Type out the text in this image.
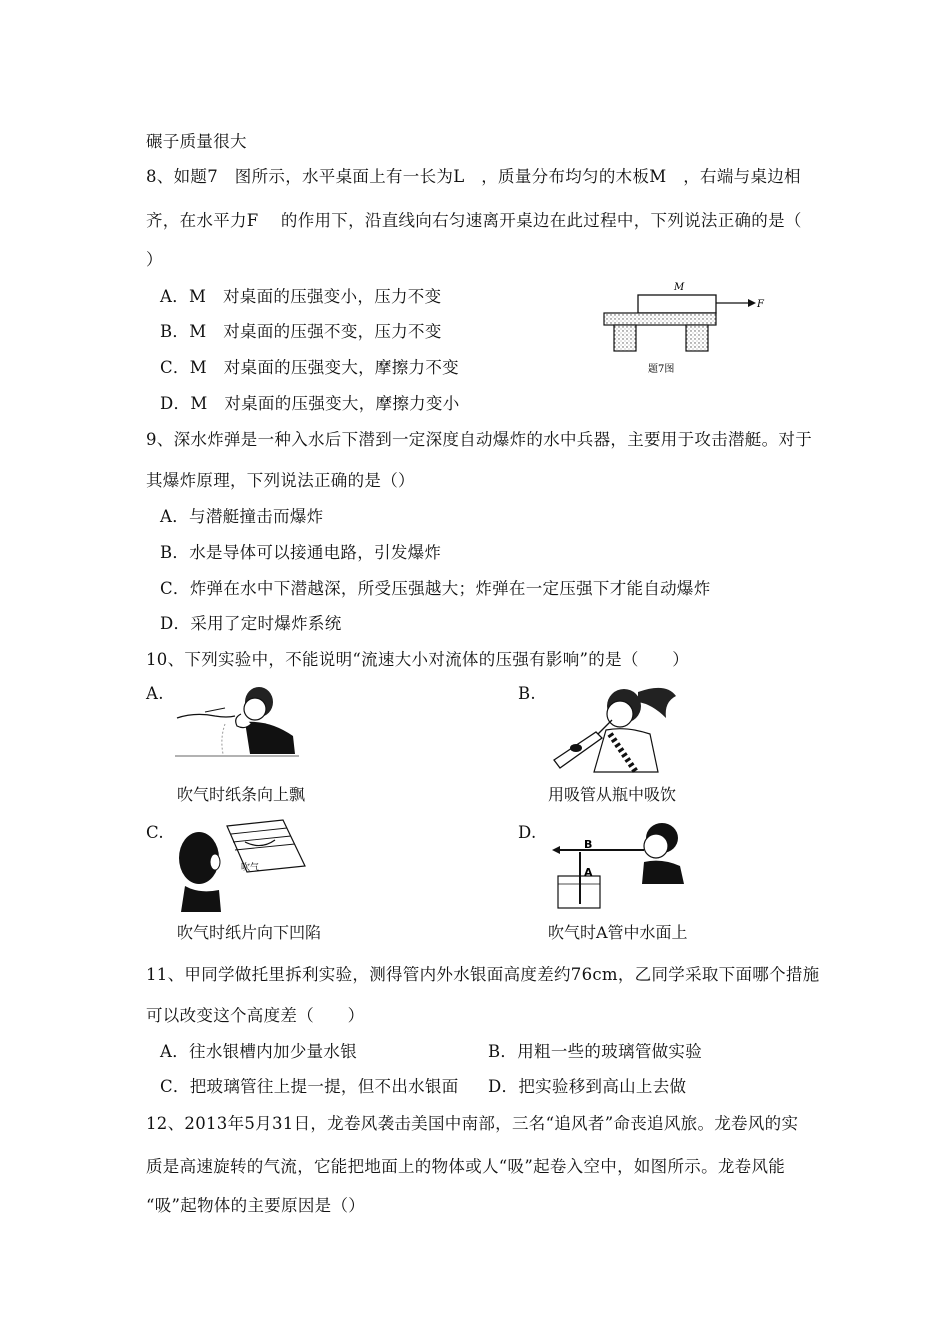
碾子质量很大
8、如题7　图所示，水平桌面上有一长为L　，质量分布均匀的木板M　，右端与桌边相
齐，在水平力F　 的作用下，沿直线向右匀速离开桌边在此过程中，下列说法正确的是（
）
A．M　对桌面的压强变小，压力不变
B．M　对桌面的压强不变，压力不变
C．M　对桌面的压强变大，摩擦力不变
D．M　对桌面的压强变大，摩擦力变小
M
F
题7图
9、深水炸弹是一种入水后下潜到一定深度自动爆炸的水中兵器，主要用于攻击潜艇。对于
其爆炸原理，下列说法正确的是（）
A．与潜艇撞击而爆炸
B．水是导体可以接通电路，引发爆炸
C．炸弹在水中下潜越深，所受压强越大；炸弹在一定压强下才能自动爆炸
D．采用了定时爆炸系统
10、下列实验中，不能说明“流速大小对流体的压强有影响”的是（　　）
A.
吹气时纸条向上飘
B.
用吸管从瓶中吸饮
C.
吹气
吹气时纸片向下凹陷
D.
B
A
吹气时A管中水面上
11、甲同学做托里拆利实验，测得管内外水银面高度差约76cm，乙同学采取下面哪个措施
可以改变这个高度差（　　）
A．往水银槽内加少量水银	B．用粗一些的玻璃管做实验
C．把玻璃管往上提一提，但不出水银面 D．把实验移到高山上去做
12、2013年5月31日，龙卷风袭击美国中南部，三名“追风者”命丧追风旅。龙卷风的实
质是高速旋转的气流，它能把地面上的物体或人“吸”起卷入空中，如图所示。龙卷风能
“吸”起物体的主要原因是（）
